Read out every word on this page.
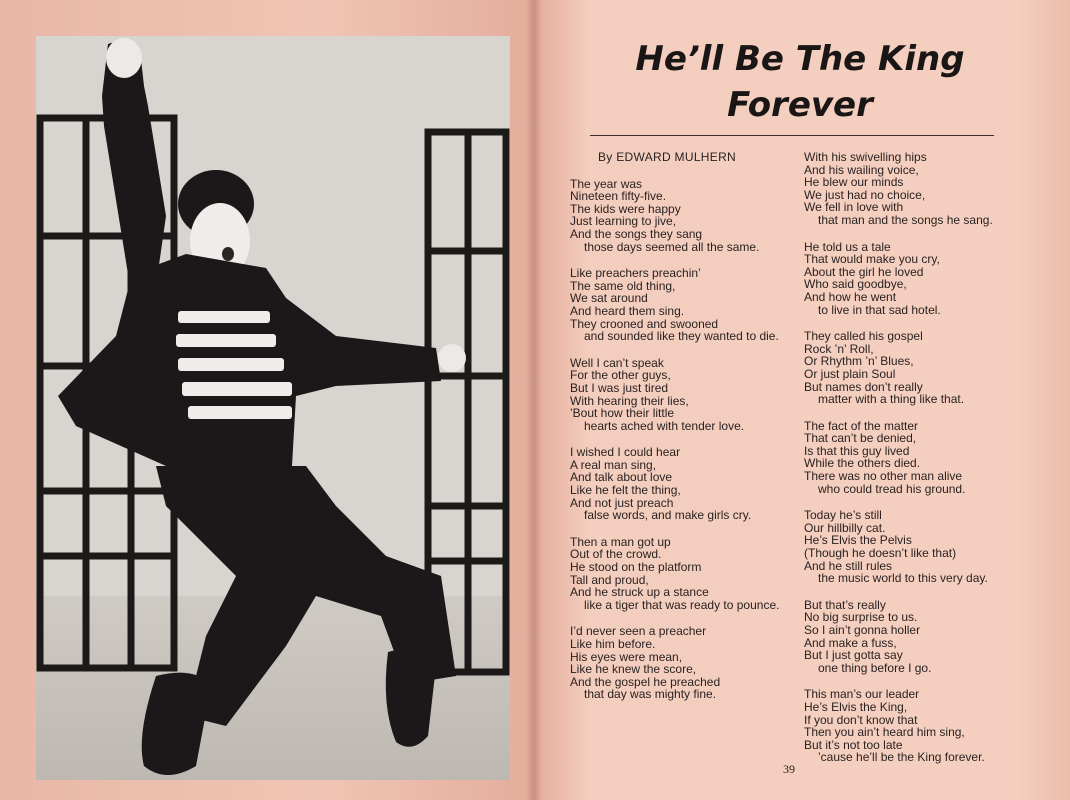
He’ll Be The King
Forever
By EDWARD MULHERN
The year was
Nineteen fifty-five.
The kids were happy
Just learning to jive,
And the songs they sang
those days seemed all the same.
Like preachers preachin’
The same old thing,
We sat around
And heard them sing.
They crooned and swooned
and sounded like they wanted to die.
Well I can’t speak
For the other guys,
But I was just tired
With hearing their lies,
’Bout how their little
hearts ached with tender love.
I wished I could hear
A real man sing,
And talk about love
Like he felt the thing,
And not just preach
false words, and make girls cry.
Then a man got up
Out of the crowd.
He stood on the platform
Tall and proud,
And he struck up a stance
like a tiger that was ready to pounce.
I’d never seen a preacher
Like him before.
His eyes were mean,
Like he knew the score,
And the gospel he preached
that day was mighty fine.
With his swivelling hips
And his wailing voice,
He blew our minds
We just had no choice,
We fell in love with
that man and the songs he sang.
He told us a tale
That would make you cry,
About the girl he loved
Who said goodbye,
And how he went
to live in that sad hotel.
They called his gospel
Rock ’n’ Roll,
Or Rhythm ’n’ Blues,
Or just plain Soul
But names don’t really
matter with a thing like that.
The fact of the matter
That can’t be denied,
Is that this guy lived
While the others died.
There was no other man alive
who could tread his ground.
Today he’s still
Our hillbilly cat.
He’s Elvis the Pelvis
(Though he doesn’t like that)
And he still rules
the music world to this very day.
But that’s really
No big surprise to us.
So I ain’t gonna holler
And make a fuss,
But I just gotta say
one thing before I go.
This man’s our leader
He’s Elvis the King,
If you don’t know that
Then you ain’t heard him sing,
But it’s not too late
’cause he’ll be the King forever.
39
